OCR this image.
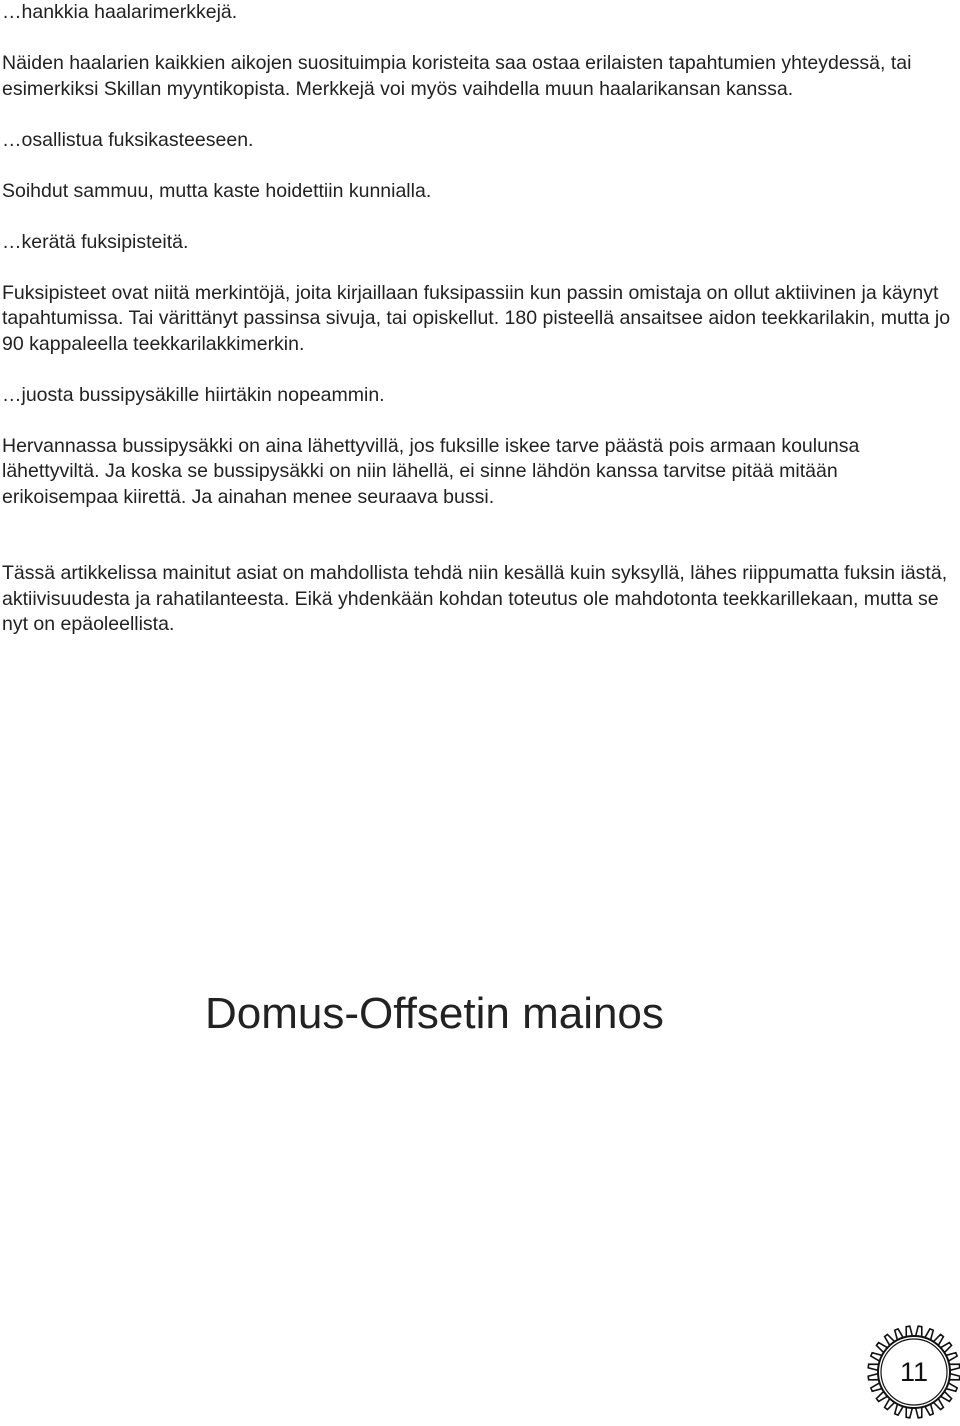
…hankkia haalarimerkkejä.

Näiden haalarien kaikkien aikojen suosituimpia koristeita saa ostaa erilaisten tapahtumien yhteydessä, tai esimerkiksi Skillan myyntikopista. Merkkejä voi myös vaihdella muun haalarikansan kanssa.

…osallistua fuksikasteeseen.

Soihdut sammuu, mutta kaste hoidettiin kunnialla.

…kerätä fuksipisteitä.

Fuksipisteet ovat niitä merkintöjä, joita kirjaillaan fuksipassiin kun passin omistaja on ollut aktiivinen ja käynyt tapahtumissa. Tai värittänyt passinsa sivuja, tai opiskellut. 180 pisteellä ansaitsee aidon teekkarilakin, mutta jo 90 kappaleella teekkarilakkimerkin.

…juosta bussipysäkille hiirtäkin nopeammin.

Hervannassa bussipysäkki on aina lähettyvillä, jos fuksille iskee tarve päästä pois armaan koulunsa lähettyviltä. Ja koska se bussipysäkki on niin lähellä, ei sinne lähdön kanssa tarvitse pitää mitään erikoisempaa kiirettä. Ja ainahan menee seuraava bussi.

Tässä artikkelissa mainitut asiat on mahdollista tehdä niin kesällä kuin syksyllä, lähes riippumatta fuksin iästä, aktiivisuudesta ja rahatilanteesta. Eikä yhdenkään kohdan toteutus ole mahdotonta teekkarillekaan, mutta se nyt on epäoleellista.

Domus-Offsetin mainos
11
